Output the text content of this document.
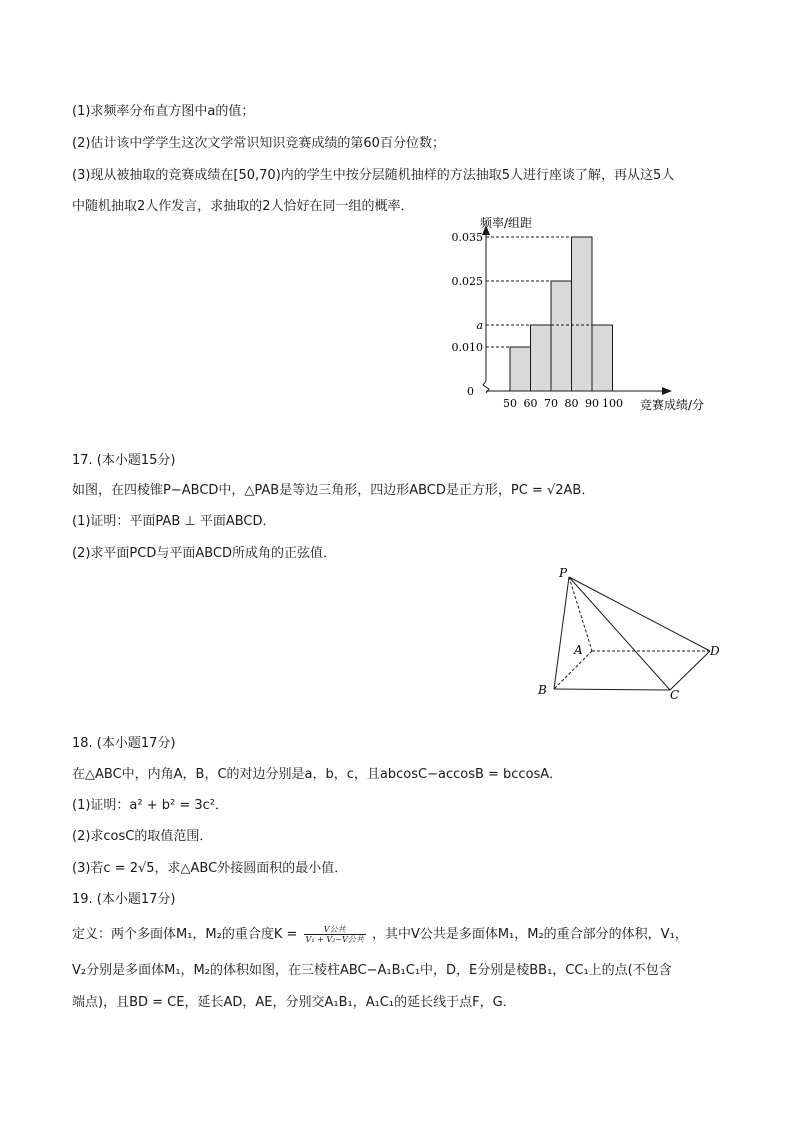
(1)求频率分布直方图中a的值；
(2)估计该中学学生这次文学常识知识竞赛成绩的第60百分位数；
(3)现从被抽取的竞赛成绩在[50,70)内的学生中按分层随机抽样的方法抽取5人进行座谈了解，再从这5人
中随机抽取2人作发言，求抽取的2人恰好在同一组的概率．
0
0.010
a
0.025
0.035
50 60 70 80 90 100
频率/组距
竞赛成绩/分
17. (本小题15分)
如图，在四棱锥P−ABCD中，△PAB是等边三角形，四边形ABCD是正方形，PC = √2AB．
(1)证明：平面PAB ⊥ 平面ABCD．
(2)求平面PCD与平面ABCD所成角的正弦值．
P
A
B	C
D
18. (本小题17分)
在△ABC中，内角A，B，C的对边分别是a，b，c，且abcosC−accosB = bccosA．
(1)证明：a² + b² = 3c²．
(2)求cosC的取值范围．
(3)若c = 2√5，求△ABC外接圆面积的最小值．
19. (本小题17分)
定义：两个多面体M₁，M₂的重合度$K = \frac{\text{V公共}}{\text{V₁ + V₂−V公共}}$ ，其中V公共是多面体M₁，M₂的重合部分的体积，V₁，
V₂分别是多面体M₁，M₂的体积如图，在三棱柱ABC−A₁B₁C₁中，D，E分别是棱BB₁，CC₁上的点(不包含
端点)，且BD = CE，延长AD，AE，分别交A₁B₁，A₁C₁的延长线于点F，G．
